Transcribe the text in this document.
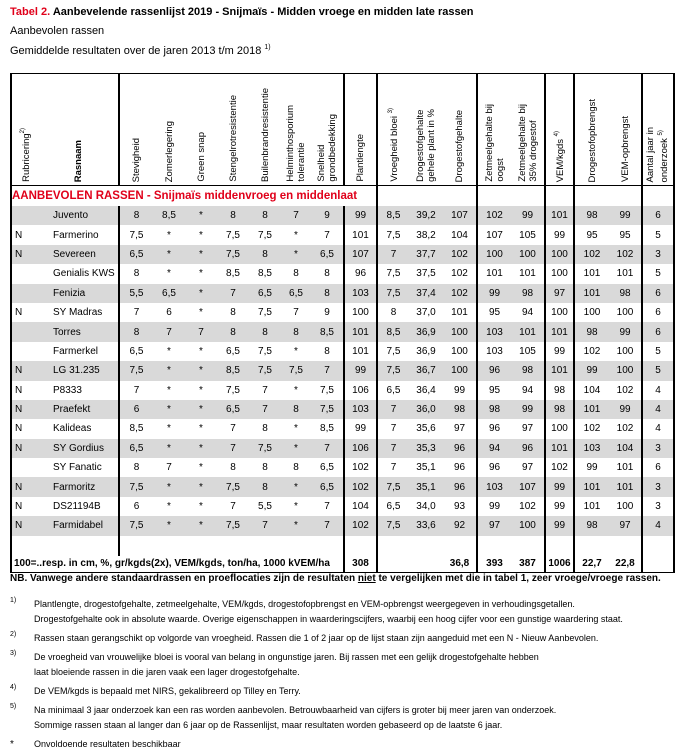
Tabel 2. Aanbevelende rassenlijst 2019 - Snijmaïs - Midden vroege en midden late rassen
Aanbevolen rassen
Gemiddelde resultaten over de jaren 2013 t/m 2018 $^{1)}$
Rubricering$^{2)}$	Rasnaam	Stevigheid	Zomerlegering	Green snap	Stengelrotresistentie	Builenbrandresistentie	Helminthosporium
tolerantie	Snelheid
grondbedekking	Plantlengte	Vroegheid bloei $^{3)}$	Drogestofgehalte
gehele plant in %	Drogestofgehalte	Zetmeelgehalte bij
oogst	Zetmeelgehalte bij
35% drogestof	VEM/kgds $^{4)}$	Drogestofopbrengst	VEM-opbrengst	Aantal jaar in onderzoek $^{5)}$
AANBEVOLEN RASSEN - Snijmaïs middenvroeg en middenlaat																		
	Juvento	8	8,5	*	8	8	7	9	99	8,5	39,2	107	102	99	101	98	99	6
N	Farmerino	7,5	*	*	7,5	7,5	*	7	101	7,5	38,2	104	107	105	99	95	95	5
N	Severeen	6,5	*	*	7,5	8	*	6,5	107	7	37,7	102	100	100	100	102	102	3
	Genialis KWS	8	*	*	8,5	8,5	8	8	96	7,5	37,5	102	101	101	100	101	101	5
	Fenizia	5,5	6,5	*	7	6,5	6,5	8	103	7,5	37,4	102	99	98	97	101	98	6
N	SY Madras	7	6	*	8	7,5	7	9	100	8	37,0	101	95	94	100	100	100	6
	Torres	8	7	7	8	8	8	8,5	101	8,5	36,9	100	103	101	101	98	99	6
	Farmerkel	6,5	*	*	6,5	7,5	*	8	101	7,5	36,9	100	103	105	99	102	100	5
N	LG 31.235	7,5	*	*	8,5	7,5	7,5	7	99	7,5	36,7	100	96	98	101	99	100	5
N	P8333	7	*	*	7,5	7	*	7,5	106	6,5	36,4	99	95	94	98	104	102	4
N	Praefekt	6	*	*	6,5	7	8	7,5	103	7	36,0	98	98	99	98	101	99	4
N	Kalideas	8,5	*	*	7	8	*	8,5	99	7	35,6	97	96	97	100	102	102	4
N	SY Gordius	6,5	*	*	7	7,5	*	7	106	7	35,3	96	94	96	101	103	104	3
	SY Fanatic	8	7	*	8	8	8	6,5	102	7	35,1	96	96	97	102	99	101	6
N	Farmoritz	7,5	*	*	7,5	8	*	6,5	102	7,5	35,1	96	103	107	99	101	101	3
N	DS21194B	6	*	*	7	5,5	*	7	104	6,5	34,0	93	99	102	99	101	100	3
N	Farmidabel	7,5	*	*	7,5	7	*	7	102	7,5	33,6	92	97	100	99	98	97	4

100=..resp. in cm, %, gr/kgds(2x), VEM/kgds, ton/ha, 1000 kVEM/ha									308			36,8	393	387	1006	22,7	22,8	
NB. Vanwege andere standaardrassen en proeflocaties zijn de resultaten niet te vergelijken met die in tabel 1, zeer vroege/vroege rassen.
1) Plantlengte, drogestofgehalte, zetmeelgehalte, VEM/kgds, drogestofopbrengst en VEM-opbrengst weergegeven in verhoudingsgetallen.
Drogestofgehalte ook in absolute waarde. Overige eigenschappen in waarderingscijfers, waarbij een hoog cijfer voor een gunstige waardering staat.
2) Rassen staan gerangschikt op volgorde van vroegheid. Rassen die 1 of 2 jaar op de lijst staan zijn aangeduid met een N - Nieuw Aanbevolen.
3) De vroegheid van vrouwelijke bloei is vooral van belang in ongunstige jaren. Bij rassen met een gelijk drogestofgehalte hebben
laat bloeiende rassen in die jaren vaak een lager drogestofgehalte.
4) De VEM/kgds is bepaald met NIRS, gekalibreerd op Tilley en Terry.
5) Na minimaal 3 jaar onderzoek kan een ras worden aanbevolen. Betrouwbaarheid van cijfers is groter bij meer jaren van onderzoek.
Sommige rassen staan al langer dan 6 jaar op de Rassenlijst, maar resultaten worden gebaseerd op de laatste 6 jaar.
* Onvoldoende resultaten beschikbaar
